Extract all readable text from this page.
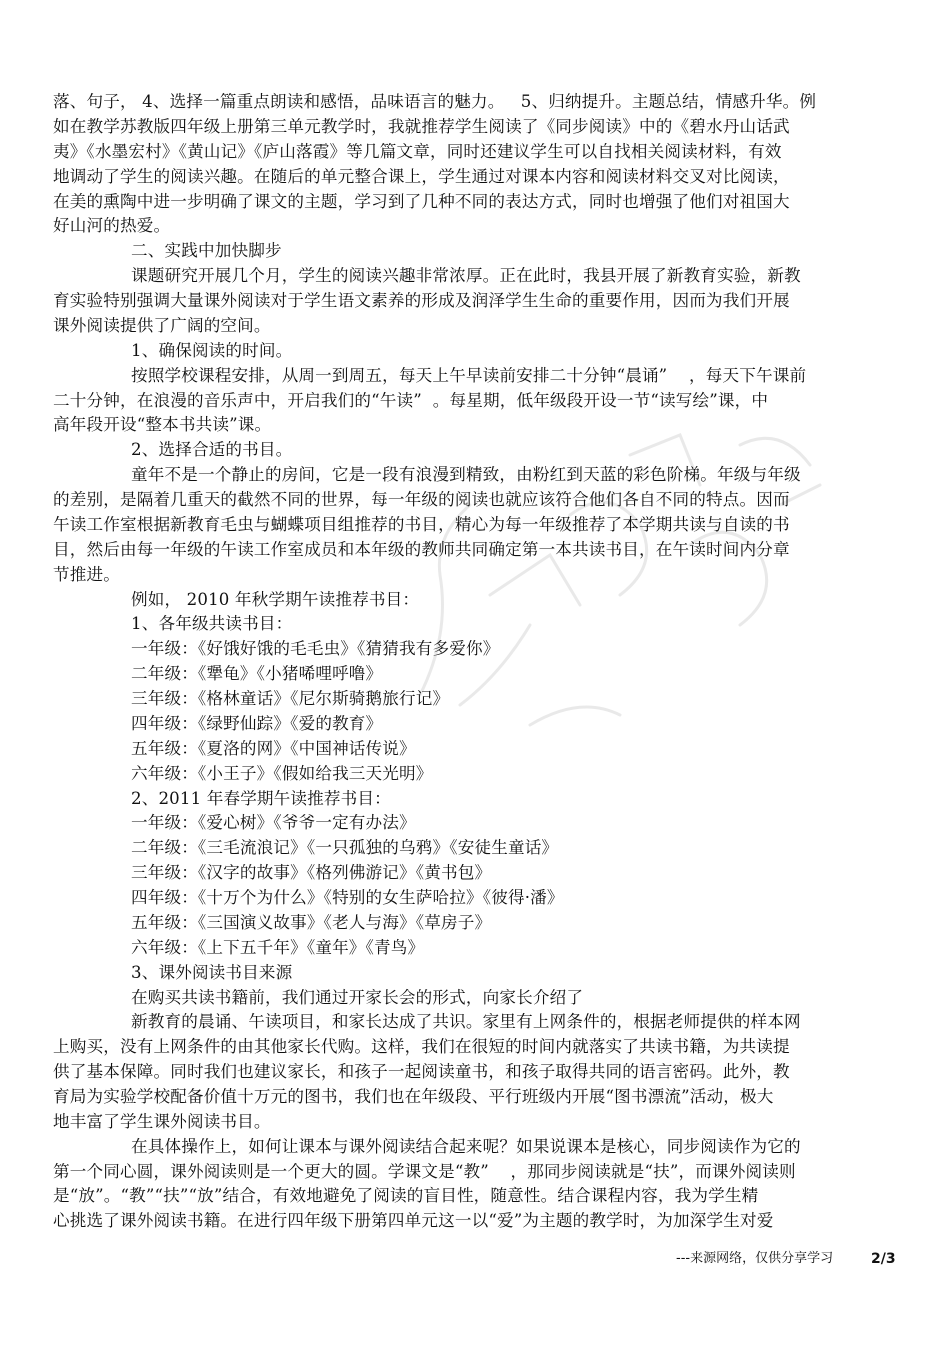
落、句子， 4、选择一篇重点朗读和感悟，品味语言的魅力。   5、归纳提升。主题总结，情感升华。例
如在教学苏教版四年级上册第三单元教学时，我就推荐学生阅读了《同步阅读》中的《碧水丹山话武
夷》《水墨宏村》《黄山记》《庐山落霞》等几篇文章，同时还建议学生可以自找相关阅读材料，有效
地调动了学生的阅读兴趣。在随后的单元整合课上，学生通过对课本内容和阅读材料交叉对比阅读，
在美的熏陶中进一步明确了课文的主题，学习到了几种不同的表达方式，同时也增强了他们对祖国大
好山河的热爱。
二、实践中加快脚步
课题研究开展几个月，学生的阅读兴趣非常浓厚。正在此时，我县开展了新教育实验，新教
育实验特别强调大量课外阅读对于学生语文素养的形成及润泽学生生命的重要作用，因而为我们开展
课外阅读提供了广阔的空间。
1、确保阅读的时间。
按照学校课程安排，从周一到周五，每天上午早读前安排二十分钟“晨诵”    ，每天下午课前
二十分钟，在浪漫的音乐声中，开启我们的“午读”  。每星期，低年级段开设一节“读写绘”课，中
高年段开设“整本书共读”课。
2、选择合适的书目。
童年不是一个静止的房间，它是一段有浪漫到精致，由粉红到天蓝的彩色阶梯。年级与年级
的差别，是隔着几重天的截然不同的世界，每一年级的阅读也就应该符合他们各自不同的特点。因而
午读工作室根据新教育毛虫与蝴蝶项目组推荐的书目，精心为每一年级推荐了本学期共读与自读的书
目，然后由每一年级的午读工作室成员和本年级的教师共同确定第一本共读书目，在午读时间内分章
节推进。
例如， 2010 年秋学期午读推荐书目：
1、各年级共读书目：
一年级：《好饿好饿的毛毛虫》《猜猜我有多爱你》
二年级：《犟龟》《小猪唏哩呼噜》
三年级：《格林童话》《尼尔斯骑鹅旅行记》
四年级：《绿野仙踪》《爱的教育》
五年级：《夏洛的网》《中国神话传说》
六年级：《小王子》《假如给我三天光明》
2、2011 年春学期午读推荐书目：
一年级：《爱心树》《爷爷一定有办法》
二年级：《三毛流浪记》《一只孤独的乌鸦》《安徒生童话》
三年级：《汉字的故事》《格列佛游记》《黄书包》
四年级：《十万个为什么》《特别的女生萨哈拉》《彼得·潘》
五年级：《三国演义故事》《老人与海》《草房子》
六年级：《上下五千年》《童年》《青鸟》
3、课外阅读书目来源
在购买共读书籍前，我们通过开家长会的形式，向家长介绍了
新教育的晨诵、午读项目，和家长达成了共识。家里有上网条件的，根据老师提供的样本网
上购买，没有上网条件的由其他家长代购。这样，我们在很短的时间内就落实了共读书籍，为共读提
供了基本保障。同时我们也建议家长，和孩子一起阅读童书，和孩子取得共同的语言密码。此外，教
育局为实验学校配备价值十万元的图书，我们也在年级段、平行班级内开展“图书漂流”活动，极大
地丰富了学生课外阅读书目。
在具体操作上，如何让课本与课外阅读结合起来呢？如果说课本是核心，同步阅读作为它的
第一个同心圆，课外阅读则是一个更大的圆。学课文是“教”    ，那同步阅读就是“扶”，而课外阅读则
是“放”。“教”“扶”“放”结合，有效地避免了阅读的盲目性，随意性。结合课程内容，我为学生精
心挑选了课外阅读书籍。在进行四年级下册第四单元这一以“爱”为主题的教学时，为加深学生对爱
---来源网络，仅供分享学习	2/3
